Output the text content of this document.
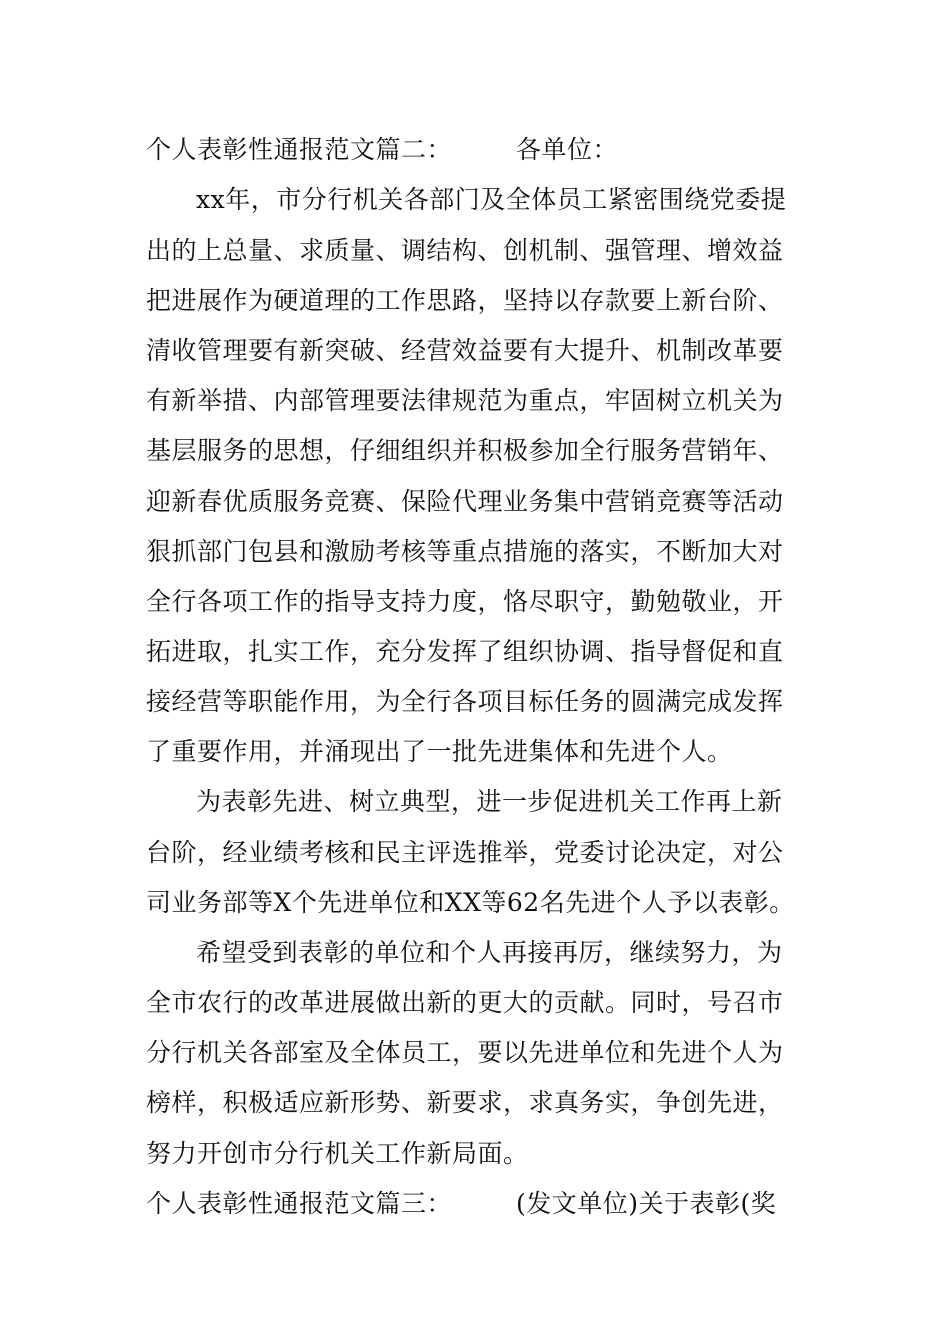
个人表彰性通报范文篇二：　　　各单位：
xx年，市分行机关各部门及全体员工紧密围绕党委提
出的上总量、求质量、调结构、创机制、强管理、增效益
把进展作为硬道理的工作思路，坚持以存款要上新台阶、
清收管理要有新突破、经营效益要有大提升、机制改革要
有新举措、内部管理要法律规范为重点，牢固树立机关为
基层服务的思想，仔细组织并积极参加全行服务营销年、
迎新春优质服务竞赛、保险代理业务集中营销竞赛等活动
狠抓部门包县和激励考核等重点措施的落实，不断加大对
全行各项工作的指导支持力度，恪尽职守，勤勉敬业，开
拓进取，扎实工作，充分发挥了组织协调、指导督促和直
接经营等职能作用，为全行各项目标任务的圆满完成发挥
了重要作用，并涌现出了一批先进集体和先进个人。
为表彰先进、树立典型，进一步促进机关工作再上新
台阶，经业绩考核和民主评选推举，党委讨论决定，对公
司业务部等X个先进单位和XX等62名先进个人予以表彰。
希望受到表彰的单位和个人再接再厉，继续努力，为
全市农行的改革进展做出新的更大的贡献。同时，号召市
分行机关各部室及全体员工，要以先进单位和先进个人为
榜样，积极适应新形势、新要求，求真务实，争创先进，
努力开创市分行机关工作新局面。
个人表彰性通报范文篇三：　　　(发文单位)关于表彰(奖
